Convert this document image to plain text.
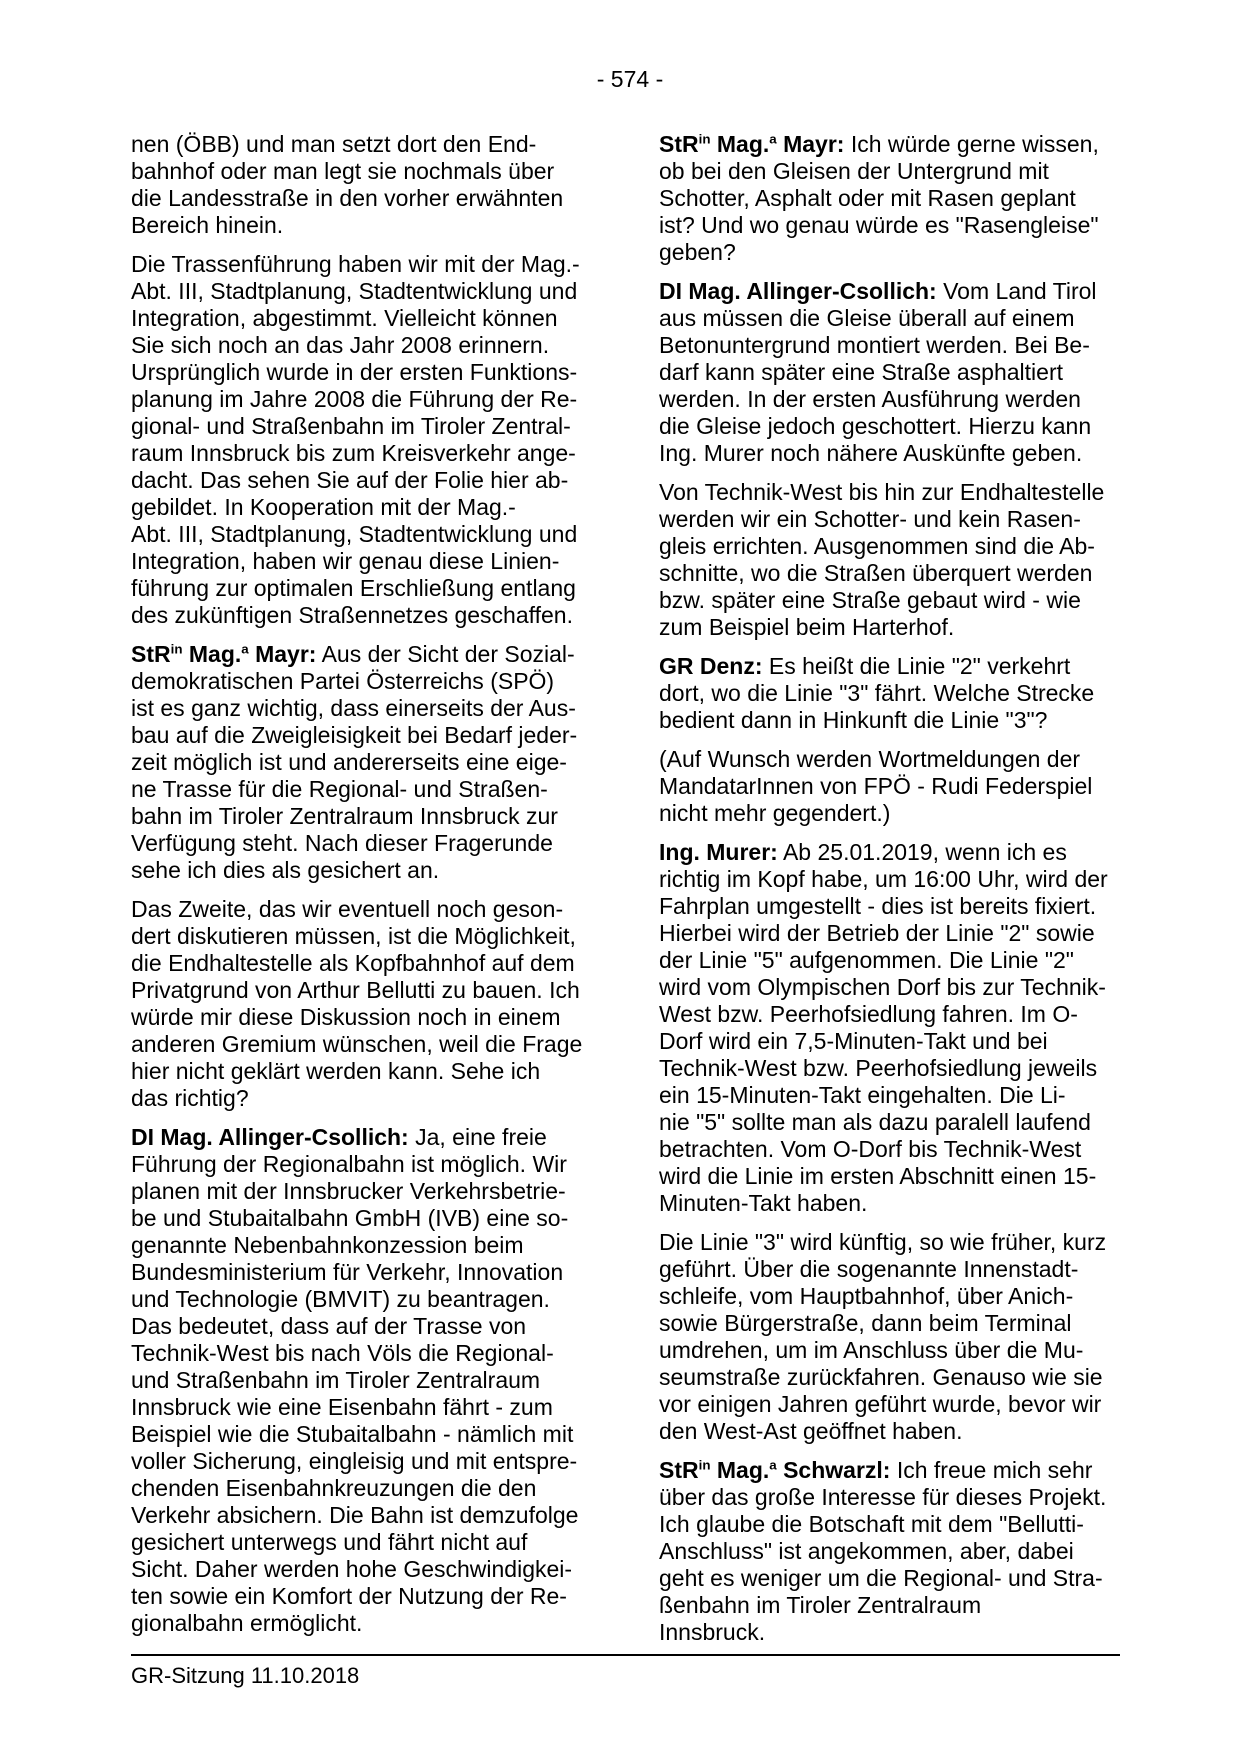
- 574 -

nen (ÖBB) und man setzt dort den End-
bahnhof oder man legt sie nochmals über
die Landesstraße in den vorher erwähnten
Bereich hinein.

Die Trassenführung haben wir mit der Mag.-
Abt. III, Stadtplanung, Stadtentwicklung und
Integration, abgestimmt. Vielleicht können
Sie sich noch an das Jahr 2008 erinnern.
Ursprünglich wurde in der ersten Funktions-
planung im Jahre 2008 die Führung der Re-
gional- und Straßenbahn im Tiroler Zentral-
raum Innsbruck bis zum Kreisverkehr ange-
dacht. Das sehen Sie auf der Folie hier ab-
gebildet. In Kooperation mit der Mag.-
Abt. III, Stadtplanung, Stadtentwicklung und
Integration, haben wir genau diese Linien-
führung zur optimalen Erschließung entlang
des zukünftigen Straßennetzes geschaffen.

StR$^{in}$ Mag.$^a$ Mayr: Aus der Sicht der Sozial-
demokratischen Partei Österreichs (SPÖ)
ist es ganz wichtig, dass einerseits der Aus-
bau auf die Zweigleisigkeit bei Bedarf jeder-
zeit möglich ist und andererseits eine eige-
ne Trasse für die Regional- und Straßen-
bahn im Tiroler Zentralraum Innsbruck zur
Verfügung steht. Nach dieser Fragerunde
sehe ich dies als gesichert an.

Das Zweite, das wir eventuell noch geson-
dert diskutieren müssen, ist die Möglichkeit,
die Endhaltestelle als Kopfbahnhof auf dem
Privatgrund von Arthur Bellutti zu bauen. Ich
würde mir diese Diskussion noch in einem
anderen Gremium wünschen, weil die Frage
hier nicht geklärt werden kann. Sehe ich
das richtig?

DI Mag. Allinger-Csollich: Ja, eine freie
Führung der Regionalbahn ist möglich. Wir
planen mit der Innsbrucker Verkehrsbetrie-
be und Stubaitalbahn GmbH (IVB) eine so-
genannte Nebenbahnkonzession beim
Bundesministerium für Verkehr, Innovation
und Technologie (BMVIT) zu beantragen.
Das bedeutet, dass auf der Trasse von
Technik-West bis nach Völs die Regional-
und Straßenbahn im Tiroler Zentralraum
Innsbruck wie eine Eisenbahn fährt - zum
Beispiel wie die Stubaitalbahn - nämlich mit
voller Sicherung, eingleisig und mit entspre-
chenden Eisenbahnkreuzungen die den
Verkehr absichern. Die Bahn ist demzufolge
gesichert unterwegs und fährt nicht auf
Sicht. Daher werden hohe Geschwindigkei-
ten sowie ein Komfort der Nutzung der Re-
gionalbahn ermöglicht.

StR$^{in}$ Mag.$^a$ Mayr: Ich würde gerne wissen,
ob bei den Gleisen der Untergrund mit
Schotter, Asphalt oder mit Rasen geplant
ist? Und wo genau würde es "Rasengleise"
geben?

DI Mag. Allinger-Csollich: Vom Land Tirol
aus müssen die Gleise überall auf einem
Betonuntergrund montiert werden. Bei Be-
darf kann später eine Straße asphaltiert
werden. In der ersten Ausführung werden
die Gleise jedoch geschottert. Hierzu kann
Ing. Murer noch nähere Auskünfte geben.

Von Technik-West bis hin zur Endhaltestelle
werden wir ein Schotter- und kein Rasen-
gleis errichten. Ausgenommen sind die Ab-
schnitte, wo die Straßen überquert werden
bzw. später eine Straße gebaut wird - wie
zum Beispiel beim Harterhof.

GR Denz: Es heißt die Linie "2" verkehrt
dort, wo die Linie "3" fährt. Welche Strecke
bedient dann in Hinkunft die Linie "3"?

(Auf Wunsch werden Wortmeldungen der
MandatarInnen von FPÖ - Rudi Federspiel
nicht mehr gegendert.)

Ing. Murer: Ab 25.01.2019, wenn ich es
richtig im Kopf habe, um 16:00 Uhr, wird der
Fahrplan umgestellt - dies ist bereits fixiert.
Hierbei wird der Betrieb der Linie "2" sowie
der Linie "5" aufgenommen. Die Linie "2"
wird vom Olympischen Dorf bis zur Technik-
West bzw. Peerhofsiedlung fahren. Im O-
Dorf wird ein 7,5-Minuten-Takt und bei
Technik-West bzw. Peerhofsiedlung jeweils
ein 15-Minuten-Takt eingehalten. Die Li-
nie "5" sollte man als dazu paralell laufend
betrachten. Vom O-Dorf bis Technik-West
wird die Linie im ersten Abschnitt einen 15-
Minuten-Takt haben.

Die Linie "3" wird künftig, so wie früher, kurz
geführt. Über die sogenannte Innenstadt-
schleife, vom Hauptbahnhof, über Anich-
sowie Bürgerstraße, dann beim Terminal
umdrehen, um im Anschluss über die Mu-
seumstraße zurückfahren. Genauso wie sie
vor einigen Jahren geführt wurde, bevor wir
den West-Ast geöffnet haben.

StR$^{in}$ Mag.$^a$ Schwarzl: Ich freue mich sehr
über das große Interesse für dieses Projekt.
Ich glaube die Botschaft mit dem "Bellutti-
Anschluss" ist angekommen, aber, dabei
geht es weniger um die Regional- und Stra-
ßenbahn im Tiroler Zentralraum
Innsbruck.

GR-Sitzung 11.10.2018
